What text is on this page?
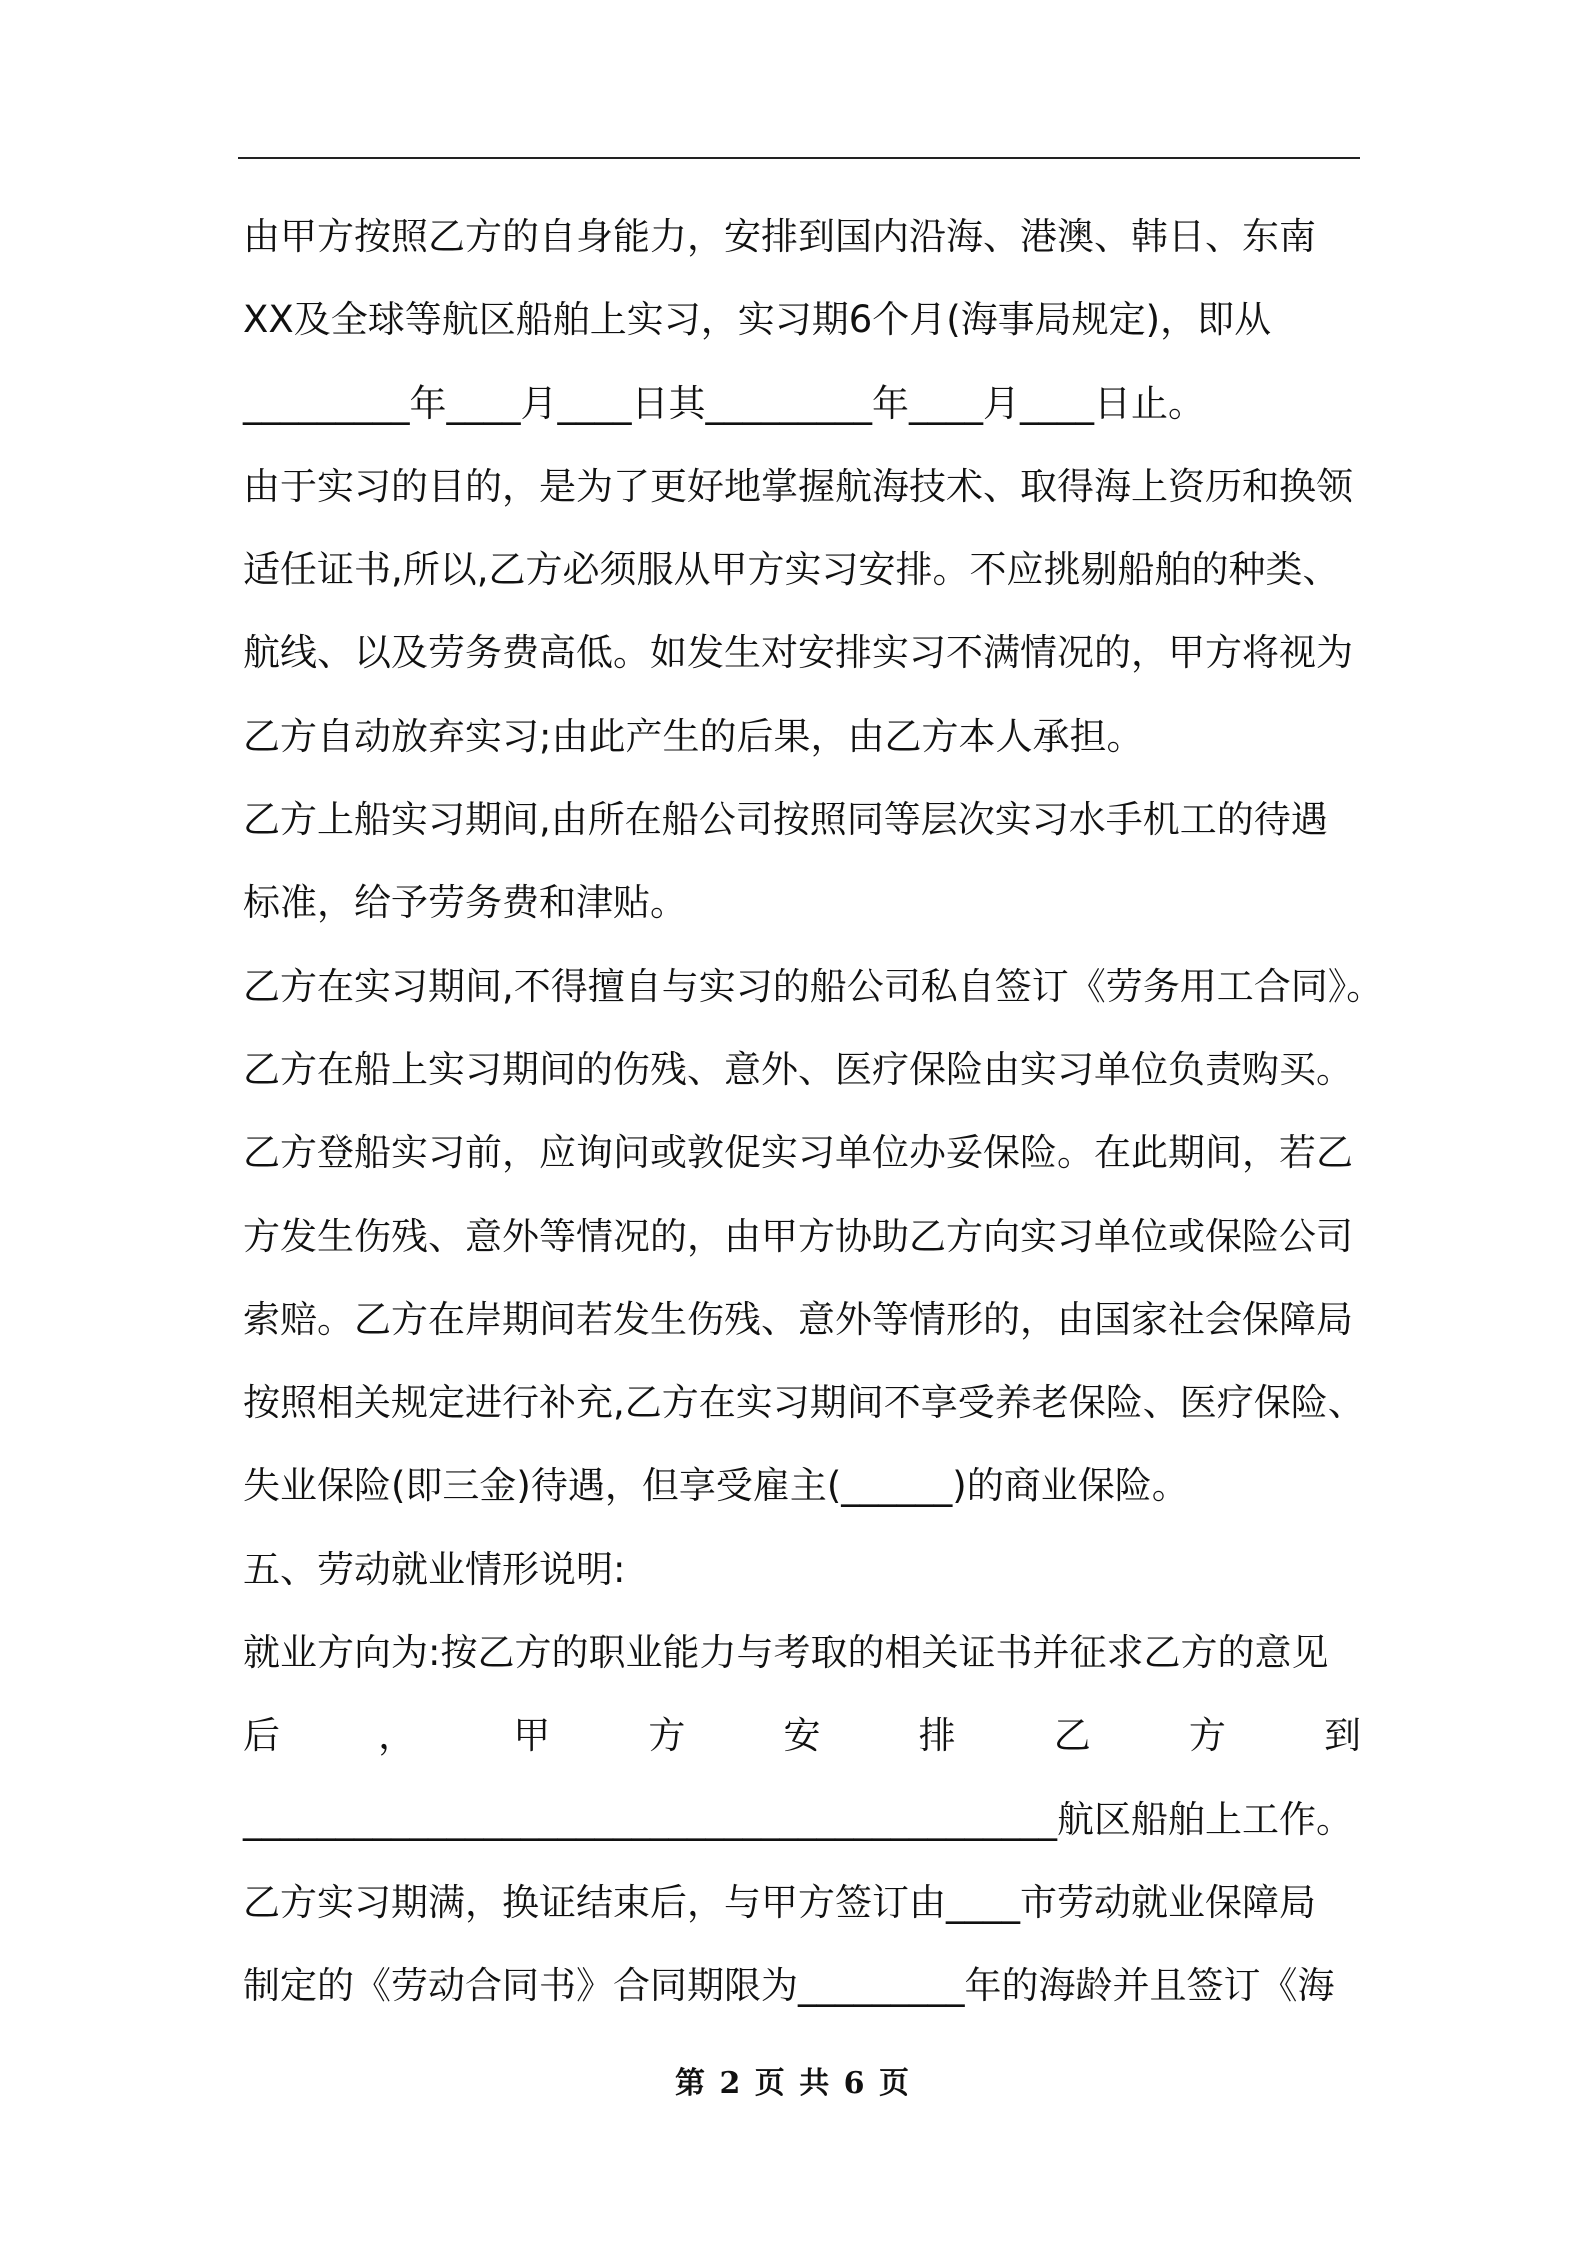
由甲方按照乙方的自身能力，安排到国内沿海、港澳、韩日、东南
XX及全球等航区船舶上实习，实习期6个月(海事局规定)，即从
_________年____月____日其_________年____月____日止。
由于实习的目的，是为了更好地掌握航海技术、取得海上资历和换领
适任证书,所以,乙方必须服从甲方实习安排。不应挑剔船舶的种类、
航线、以及劳务费高低。如发生对安排实习不满情况的，甲方将视为
乙方自动放弃实习;由此产生的后果，由乙方本人承担。
乙方上船实习期间,由所在船公司按照同等层次实习水手机工的待遇
标准，给予劳务费和津贴。
乙方在实习期间,不得擅自与实习的船公司私自签订《劳务用工合同》。
乙方在船上实习期间的伤残、意外、医疗保险由实习单位负责购买。
乙方登船实习前，应询问或敦促实习单位办妥保险。在此期间，若乙
方发生伤残、意外等情况的，由甲方协助乙方向实习单位或保险公司
索赔。乙方在岸期间若发生伤残、意外等情形的，由国家社会保障局
按照相关规定进行补充,乙方在实习期间不享受养老保险、医疗保险、
失业保险(即三金)待遇，但享受雇主(______)的商业保险。
五、劳动就业情形说明:
就业方向为:按乙方的职业能力与考取的相关证书并征求乙方的意见
后	，	甲	方	安	排	乙	方	到
____________________________________________航区船舶上工作。
乙方实习期满，换证结束后，与甲方签订由____市劳动就业保障局
制定的《劳动合同书》合同期限为_________年的海龄并且签订《海
第 2 页 共 6 页
